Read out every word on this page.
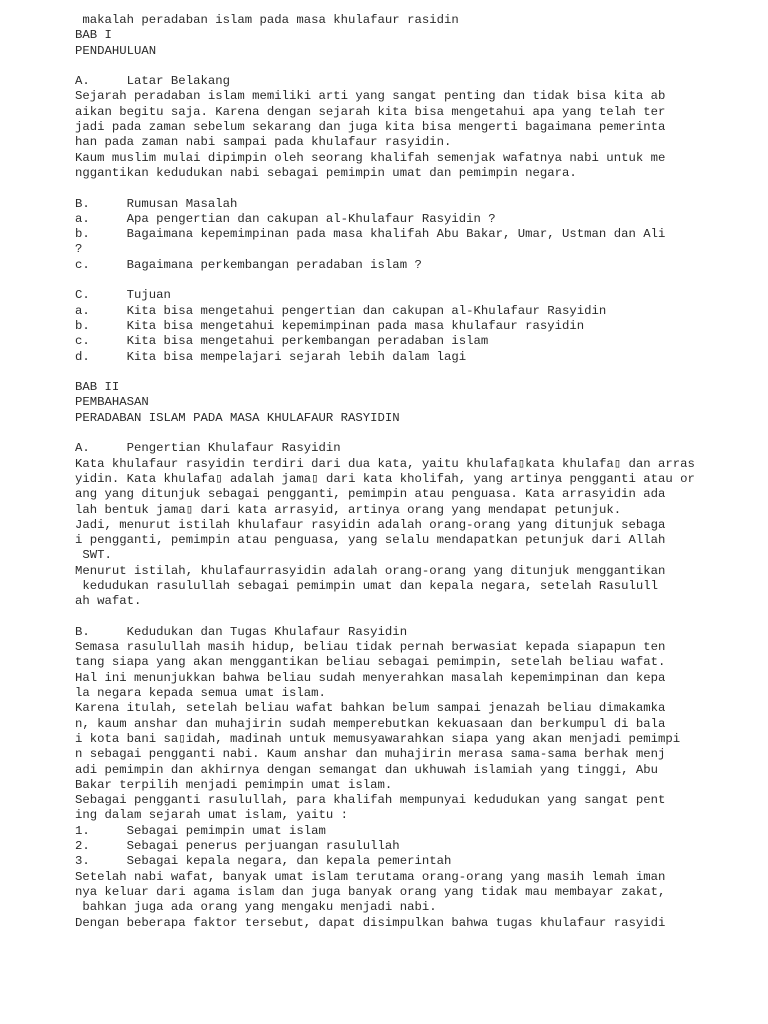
makalah peradaban islam pada masa khulafaur rasidin
BAB I
PENDAHULUAN
A.     Latar Belakang
Sejarah peradaban islam memiliki arti yang sangat penting dan tidak bisa kita ab
aikan begitu saja. Karena dengan sejarah kita bisa mengetahui apa yang telah ter
jadi pada zaman sebelum sekarang dan juga kita bisa mengerti bagaimana pemerinta
han pada zaman nabi sampai pada khulafaur rasyidin.
Kaum muslim mulai dipimpin oleh seorang khalifah semenjak wafatnya nabi untuk me
nggantikan kedudukan nabi sebagai pemimpin umat dan pemimpin negara.
B.     Rumusan Masalah
a.     Apa pengertian dan cakupan al-Khulafaur Rasyidin ?
b.     Bagaimana kepemimpinan pada masa khalifah Abu Bakar, Umar, Ustman dan Ali
?
c.     Bagaimana perkembangan peradaban islam ?
C.     Tujuan
a.     Kita bisa mengetahui pengertian dan cakupan al-Khulafaur Rasyidin
b.     Kita bisa mengetahui kepemimpinan pada masa khulafaur rasyidin
c.     Kita bisa mengetahui perkembangan peradaban islam
d.     Kita bisa mempelajari sejarah lebih dalam lagi
BAB II
PEMBAHASAN
PERADABAN ISLAM PADA MASA KHULAFAUR RASYIDIN
A.     Pengertian Khulafaur Rasyidin
Kata khulafaur rasyidin terdiri dari dua kata, yaitu khulafa▯kata khulafa▯ dan arras
yidin. Kata khulafa▯ adalah jama▯ dari kata kholifah, yang artinya pengganti atau or
ang yang ditunjuk sebagai pengganti, pemimpin atau penguasa. Kata arrasyidin ada
lah bentuk jama▯ dari kata arrasyid, artinya orang yang mendapat petunjuk.
Jadi, menurut istilah khulafaur rasyidin adalah orang-orang yang ditunjuk sebaga
i pengganti, pemimpin atau penguasa, yang selalu mendapatkan petunjuk dari Allah
SWT.
Menurut istilah, khulafaurrasyidin adalah orang-orang yang ditunjuk menggantikan
kedudukan rasulullah sebagai pemimpin umat dan kepala negara, setelah Rasulull
ah wafat.
B.     Kedudukan dan Tugas Khulafaur Rasyidin
Semasa rasulullah masih hidup, beliau tidak pernah berwasiat kepada siapapun ten
tang siapa yang akan menggantikan beliau sebagai pemimpin, setelah beliau wafat.
Hal ini menunjukkan bahwa beliau sudah menyerahkan masalah kepemimpinan dan kepa
la negara kepada semua umat islam.
Karena itulah, setelah beliau wafat bahkan belum sampai jenazah beliau dimakamka
n, kaum anshar dan muhajirin sudah memperebutkan kekuasaan dan berkumpul di bala
i kota bani sa▯idah, madinah untuk memusyawarahkan siapa yang akan menjadi pemimpi
n sebagai pengganti nabi. Kaum anshar dan muhajirin merasa sama-sama berhak menj
adi pemimpin dan akhirnya dengan semangat dan ukhuwah islamiah yang tinggi, Abu
Bakar terpilih menjadi pemimpin umat islam.
Sebagai pengganti rasulullah, para khalifah mempunyai kedudukan yang sangat pent
ing dalam sejarah umat islam, yaitu :
1.     Sebagai pemimpin umat islam
2.     Sebagai penerus perjuangan rasulullah
3.     Sebagai kepala negara, dan kepala pemerintah
Setelah nabi wafat, banyak umat islam terutama orang-orang yang masih lemah iman
nya keluar dari agama islam dan juga banyak orang yang tidak mau membayar zakat,
bahkan juga ada orang yang mengaku menjadi nabi.
Dengan beberapa faktor tersebut, dapat disimpulkan bahwa tugas khulafaur rasyidi
